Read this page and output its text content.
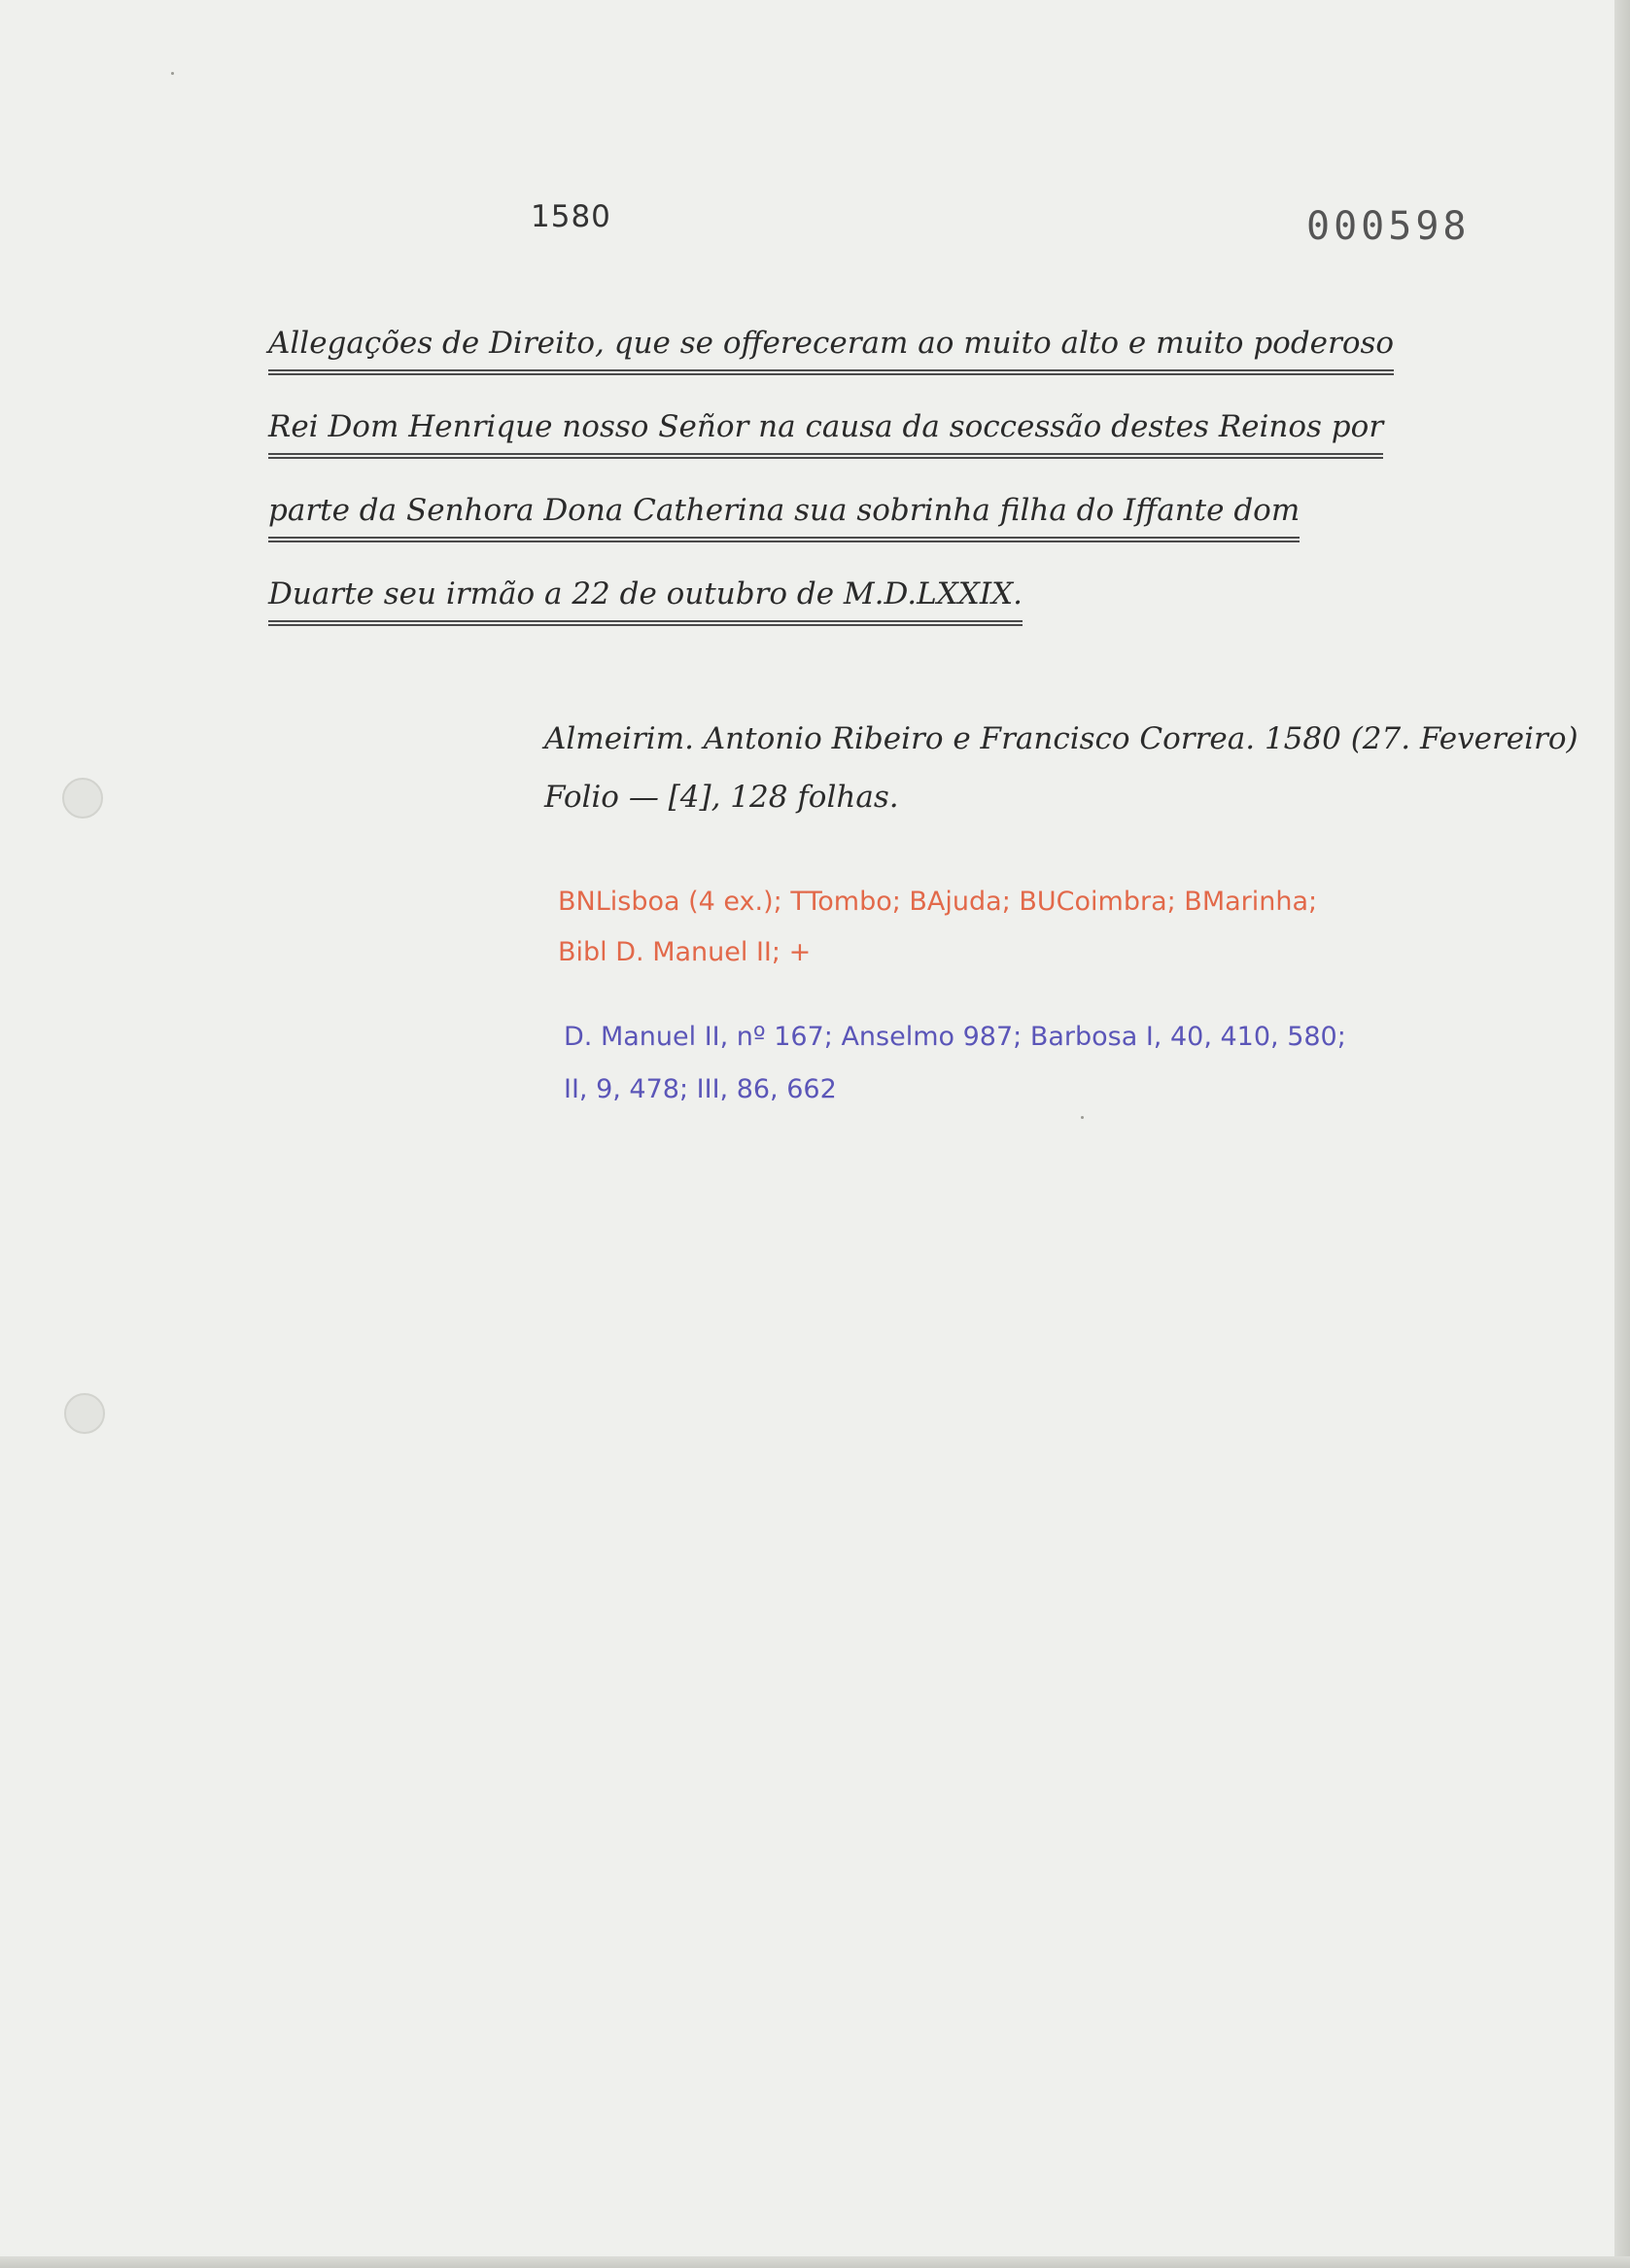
1580	000598
Allegações de Direito, que se offereceram ao muito alto e muito poderoso
Rei Dom Henrique nosso Señor na causa da soccessão destes Reinos por
parte da Senhora Dona Catherina sua sobrinha filha do Iffante dom
Duarte seu irmão a 22 de outubro de M.D.LXXIX.
Almeirim. Antonio Ribeiro e Francisco Correa. 1580 (27. Fevereiro)
Folio — [4], 128 folhas.
BNLisboa (4 ex.); TTombo; BAjuda; BUCoimbra; BMarinha;
Bibl D. Manuel II; +
D. Manuel II, nº 167; Anselmo 987; Barbosa I, 40, 410, 580;
II, 9, 478; III, 86, 662
